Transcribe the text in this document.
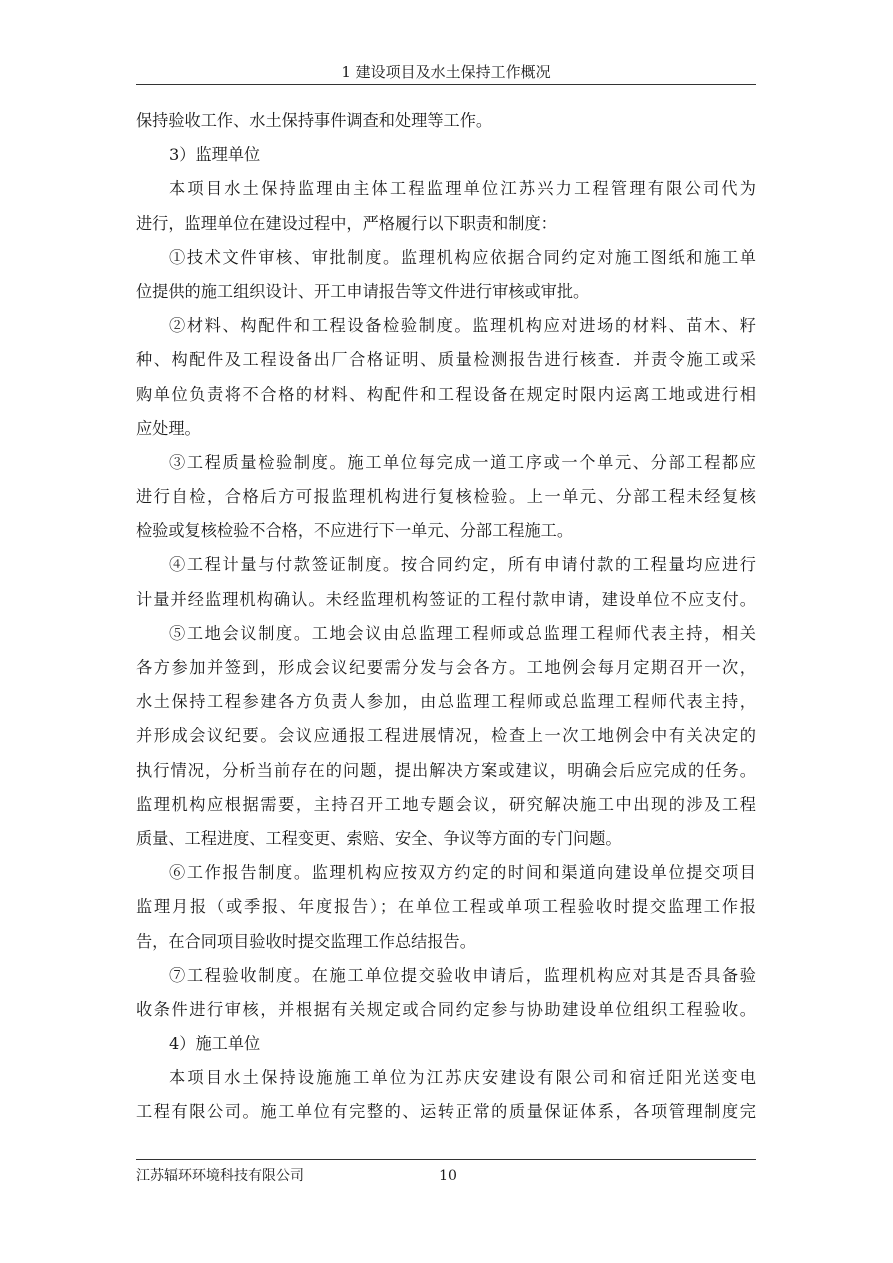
1 建设项目及水土保持工作概况
保持验收工作、水土保持事件调查和处理等工作。
3）监理单位
本项目水土保持监理由主体工程监理单位江苏兴力工程管理有限公司代为
进行，监理单位在建设过程中，严格履行以下职责和制度：
①技术文件审核、审批制度。监理机构应依据合同约定对施工图纸和施工单
位提供的施工组织设计、开工申请报告等文件进行审核或审批。
②材料、构配件和工程设备检验制度。监理机构应对进场的材料、苗木、籽
种、构配件及工程设备出厂合格证明、质量检测报告进行核查．并责令施工或采
购单位负责将不合格的材料、构配件和工程设备在规定时限内运离工地或进行相
应处理。
③工程质量检验制度。施工单位每完成一道工序或一个单元、分部工程都应
进行自检，合格后方可报监理机构进行复核检验。上一单元、分部工程未经复核
检验或复核检验不合格，不应进行下一单元、分部工程施工。
④工程计量与付款签证制度。按合同约定，所有申请付款的工程量均应进行
计量并经监理机构确认。未经监理机构签证的工程付款申请，建设单位不应支付。
⑤工地会议制度。工地会议由总监理工程师或总监理工程师代表主持，相关
各方参加并签到，形成会议纪要需分发与会各方。工地例会每月定期召开一次，
水土保持工程参建各方负责人参加，由总监理工程师或总监理工程师代表主持，
并形成会议纪要。会议应通报工程进展情况，检查上一次工地例会中有关决定的
执行情况，分析当前存在的问题，提出解决方案或建议，明确会后应完成的任务。
监理机构应根据需要，主持召开工地专题会议，研究解决施工中出现的涉及工程
质量、工程进度、工程变更、索赔、安全、争议等方面的专门问题。
⑥工作报告制度。监理机构应按双方约定的时间和渠道向建设单位提交项目
监理月报（或季报、年度报告）；在单位工程或单项工程验收时提交监理工作报
告，在合同项目验收时提交监理工作总结报告。
⑦工程验收制度。在施工单位提交验收申请后，监理机构应对其是否具备验
收条件进行审核，并根据有关规定或合同约定参与协助建设单位组织工程验收。
4）施工单位
本项目水土保持设施施工单位为江苏庆安建设有限公司和宿迁阳光送变电
工程有限公司。施工单位有完整的、运转正常的质量保证体系，各项管理制度完
江苏辐环环境科技有限公司	10
